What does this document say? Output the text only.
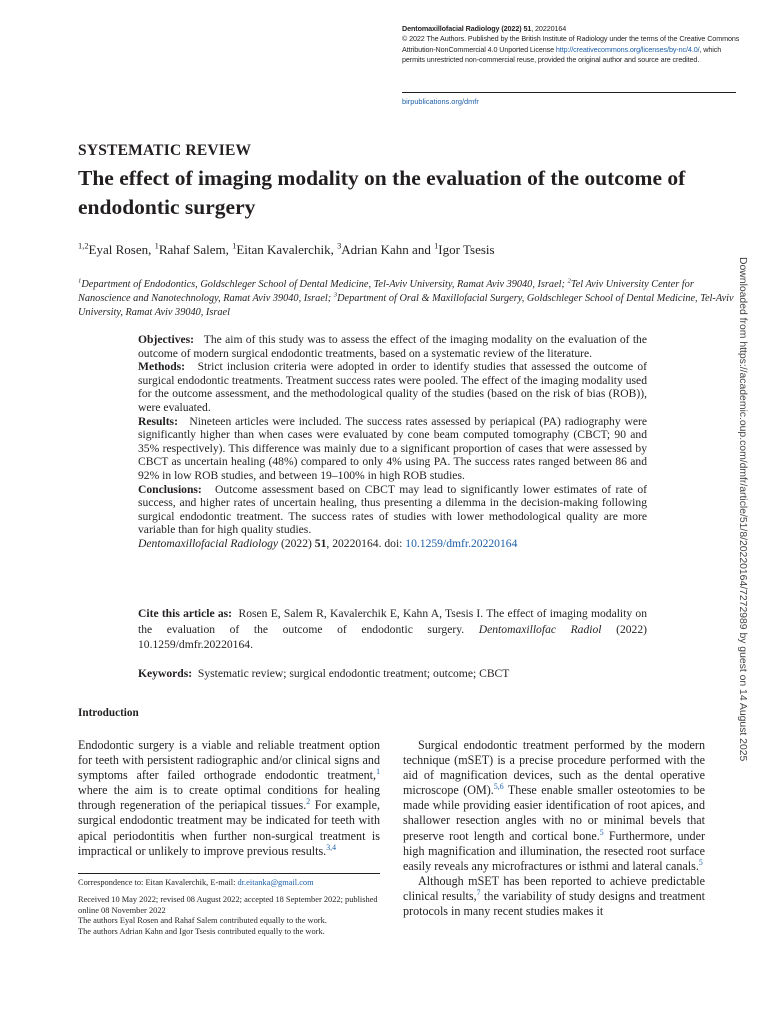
Dentomaxillofacial Radiology (2022) 51, 20220164
© 2022 The Authors. Published by the British Institute of Radiology under the terms of the Creative Commons Attribution-NonCommercial 4.0 Unported License http://creativecommons.org/licenses/by-nc/4.0/, which permits unrestricted non-commercial reuse, provided the original author and source are credited.
birpublications.org/dmfr
SYSTEMATIC REVIEW
The effect of imaging modality on the evaluation of the outcome of endodontic surgery
$^{1,2}$Eyal Rosen, $^1$Rahaf Salem, $^1$Eitan Kavalerchik, $^3$Adrian Kahn and $^1$Igor Tsesis
$^1$Department of Endodontics, Goldschleger School of Dental Medicine, Tel-Aviv University, Ramat Aviv 39040, Israel; $^2$Tel Aviv University Center for Nanoscience and Nanotechnology, Ramat Aviv 39040, Israel; $^3$Department of Oral & Maxillofacial Surgery, Goldschleger School of Dental Medicine, Tel-Aviv University, Ramat Aviv 39040, Israel

Objectives: The aim of this study was to assess the effect of the imaging modality on the evaluation of the outcome of modern surgical endodontic treatments, based on a systematic review of the literature.

Methods: Strict inclusion criteria were adopted in order to identify studies that assessed the outcome of surgical endodontic treatments. Treatment success rates were pooled. The effect of the imaging modality used for the outcome assessment, and the methodological quality of the studies (based on the risk of bias (ROB)), were evaluated.

Results: Nineteen articles were included. The success rates assessed by periapical (PA) radiography were significantly higher than when cases were evaluated by cone beam computed tomography (CBCT; 90 and 35% respectively). This difference was mainly due to a significant proportion of cases that were assessed by CBCT as uncertain healing (48%) compared to only 4% using PA. The success rates ranged between 86 and 92% in low ROB studies, and between 19–100% in high ROB studies.

Conclusions: Outcome assessment based on CBCT may lead to significantly lower estimates of rate of success, and higher rates of uncertain healing, thus presenting a dilemma in the decision-making following surgical endodontic treatment. The success rates of studies with lower methodological quality are more variable than for high quality studies.

Dentomaxillofacial Radiology (2022) 51, 20220164. doi: 10.1259/dmfr.20220164

Cite this article as: Rosen E, Salem R, Kavalerchik E, Kahn A, Tsesis I. The effect of imaging modality on the evaluation of the outcome of endodontic surgery. Dentomaxillofac Radiol (2022) 10.1259/dmfr.20220164.
Keywords: Systematic review; surgical endodontic treatment; outcome; CBCT
Introduction

Endodontic surgery is a viable and reliable treatment option for teeth with persistent radiographic and/or clinical signs and symptoms after failed orthograde endodontic treatment,$^1$ where the aim is to create optimal conditions for healing through regeneration of the periapical tissues.$^2$ For example, surgical endodontic treatment may be indicated for teeth with apical periodontitis when further non-surgical treatment is impractical or unlikely to improve previous results.$^{3,4}$

Correspondence to: Eitan Kavalerchik, E-mail: dr.eitanka@gmail.com
Received 10 May 2022; revised 08 August 2022; accepted 18 September 2022; published online 08 November 2022
The authors Eyal Rosen and Rahaf Salem contributed equally to the work.
The authors Adrian Kahn and Igor Tsesis contributed equally to the work.

Surgical endodontic treatment performed by the modern technique (mSET) is a precise procedure performed with the aid of magnification devices, such as the dental operative microscope (OM).$^{5,6}$ These enable smaller osteotomies to be made while providing easier identification of root apices, and shallower resection angles with no or minimal bevels that preserve root length and cortical bone.$^5$ Furthermore, under high magnification and illumination, the resected root surface easily reveals any microfractures or isthmi and lateral canals.$^5$

Although mSET has been reported to achieve predictable clinical results,$^7$ the variability of study designs and treatment protocols in many recent studies makes it

Downloaded from https://academic.oup.com/dmfr/article/51/8/20220164/7272989 by guest on 14 August 2025
